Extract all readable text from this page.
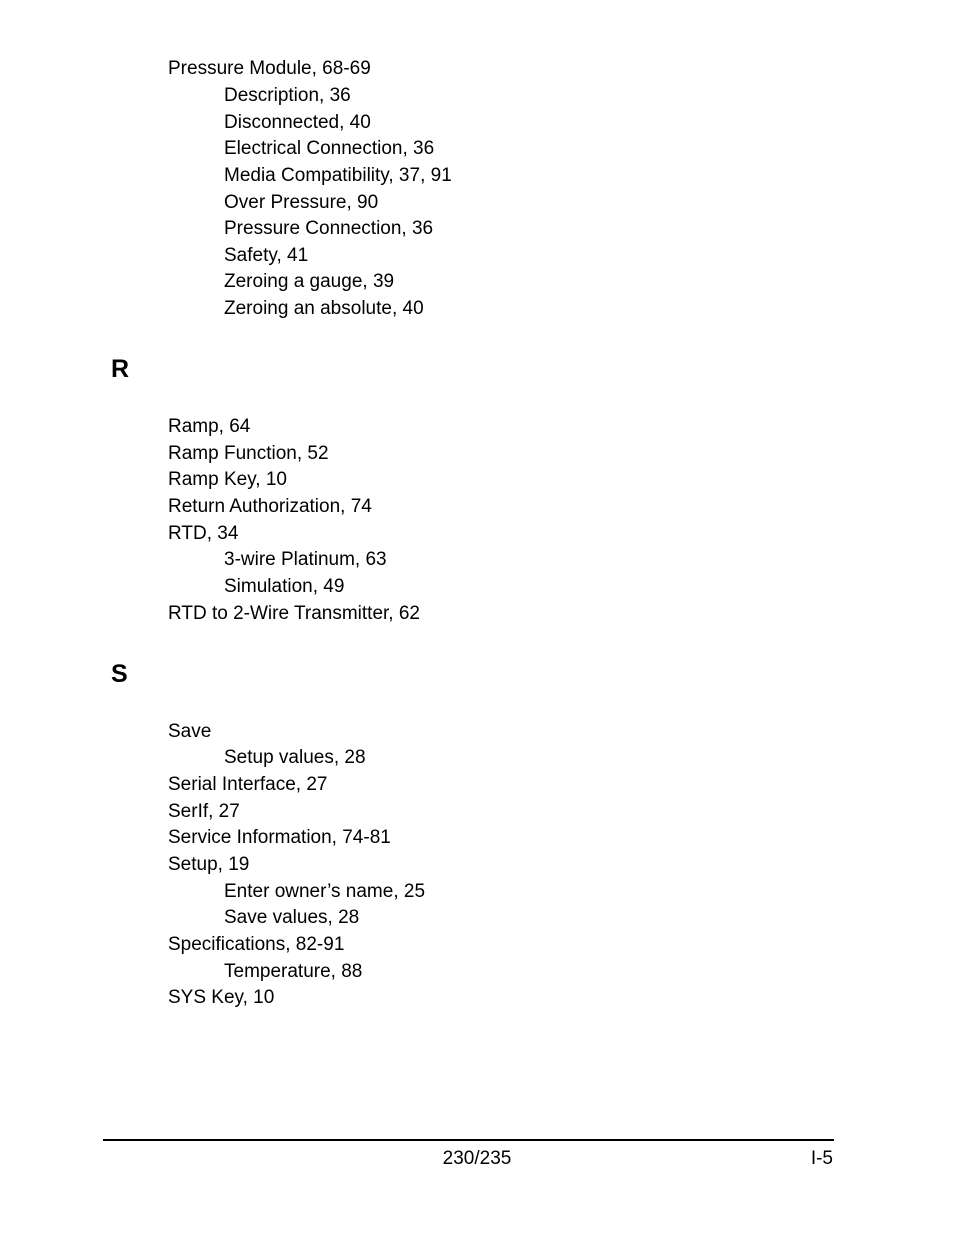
Pressure Module, 68-69
Description, 36
Disconnected, 40
Electrical Connection, 36
Media Compatibility, 37, 91
Over Pressure, 90
Pressure Connection, 36
Safety, 41
Zeroing a gauge, 39
Zeroing an absolute, 40
R
Ramp, 64
Ramp Function, 52
Ramp Key, 10
Return Authorization, 74
RTD, 34
3-wire Platinum, 63
Simulation, 49
RTD to 2-Wire Transmitter, 62
S
Save
Setup values, 28
Serial Interface, 27
SerIf, 27
Service Information, 74-81
Setup, 19
Enter owner’s name, 25
Save values, 28
Specifications, 82-91
Temperature, 88
SYS Key, 10
230/235	I-5
